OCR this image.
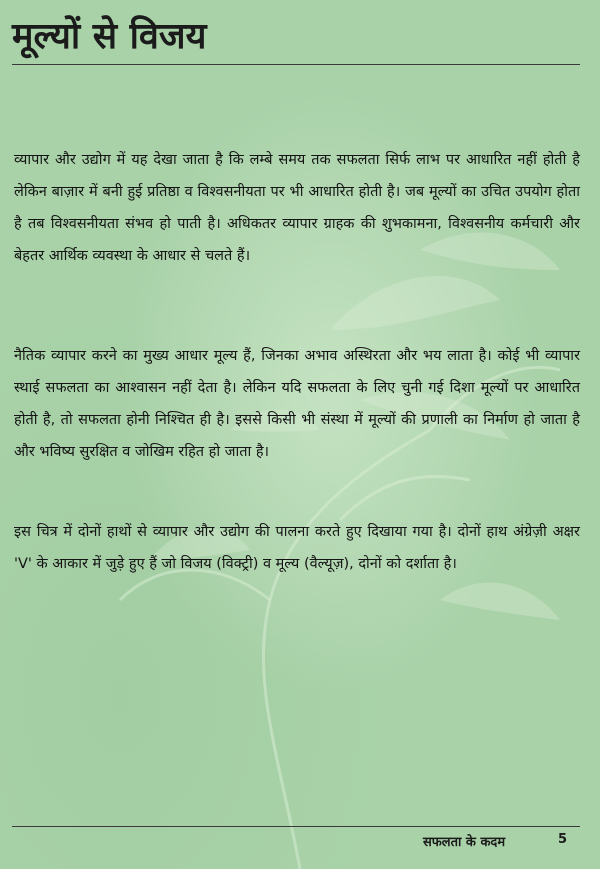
मूल्यों से विजय

व्यापार और उद्योग में यह देखा जाता है कि लम्बे समय तक सफलता सिर्फ लाभ पर आधारित नहीं होती है लेकिन बाज़ार में बनी हुई प्रतिष्ठा व विश्वसनीयता पर भी आधारित होती है। जब मूल्यों का उचित उपयोग होता है तब विश्वसनीयता संभव हो पाती है। अधिकतर व्यापार ग्राहक की शुभकामना, विश्वसनीय कर्मचारी और बेहतर आर्थिक व्यवस्था के आधार से चलते हैं।

नैतिक व्यापार करने का मुख्य आधार मूल्य हैं, जिनका अभाव अस्थिरता और भय लाता है। कोई भी व्यापार स्थाई सफलता का आश्वासन नहीं देता है। लेकिन यदि सफलता के लिए चुनी गई दिशा मूल्यों पर आधारित होती है, तो सफलता होनी निश्चित ही है। इससे किसी भी संस्था में मूल्यों की प्रणाली का निर्माण हो जाता है और भविष्य सुरक्षित व जोखिम रहित हो जाता है।

इस चित्र में दोनों हाथों से व्यापार और उद्योग की पालना करते हुए दिखाया गया है। दोनों हाथ अंग्रेज़ी अक्षर 'V' के आकार में जुड़े हुए हैं जो विजय (विक्ट्री) व मूल्य (वैल्यूज़), दोनों को दर्शाता है।

सफलता के कदम	5
